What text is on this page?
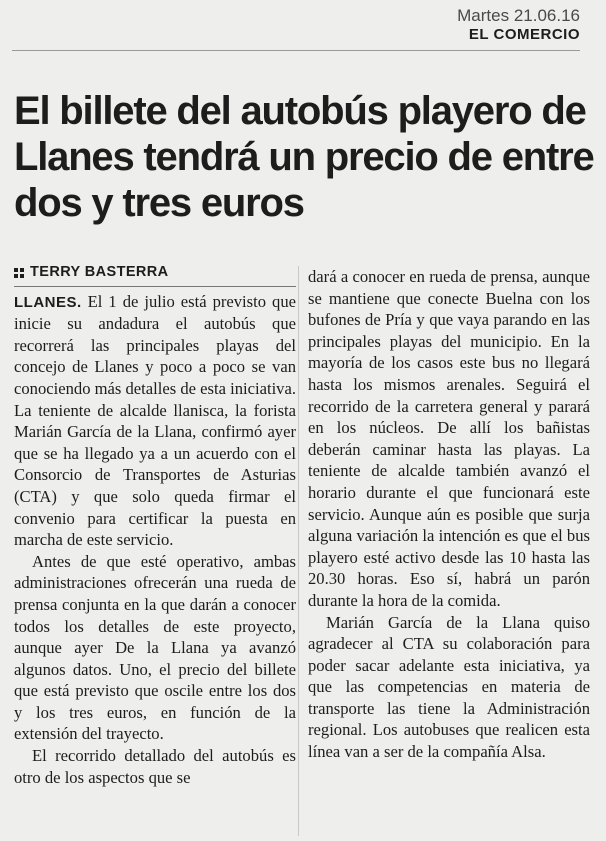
Martes 21.06.16
EL COMERCIO
El billete del autobús playero de Llanes tendrá un precio de entre dos y tres euros
TERRY BASTERRA

LLANES. El 1 de julio está previsto que inicie su andadura el autobús que recorrerá las principales playas del concejo de Llanes y poco a poco se van conociendo más detalles de esta iniciativa. La teniente de alcalde llanisca, la forista Marián García de la Llana, confirmó ayer que se ha llegado ya a un acuerdo con el Consorcio de Transportes de Asturias (CTA) y que solo queda firmar el convenio para certificar la puesta en marcha de este servicio.

Antes de que esté operativo, ambas administraciones ofrecerán una rueda de prensa conjunta en la que darán a conocer todos los detalles de este proyecto, aunque ayer De la Llana ya avanzó algunos datos. Uno, el precio del billete que está previsto que oscile entre los dos y los tres euros, en función de la extensión del trayecto.

El recorrido detallado del autobús es otro de los aspectos que se

dará a conocer en rueda de prensa, aunque se mantiene que conecte Buelna con los bufones de Pría y que vaya parando en las principales playas del municipio. En la mayoría de los casos este bus no llegará hasta los mismos arenales. Seguirá el recorrido de la carretera general y parará en los núcleos. De allí los bañistas deberán caminar hasta las playas. La teniente de alcalde también avanzó el horario durante el que funcionará este servicio. Aunque aún es posible que surja alguna variación la intención es que el bus playero esté activo desde las 10 hasta las 20.30 horas. Eso sí, habrá un parón durante la hora de la comida.

Marián García de la Llana quiso agradecer al CTA su colaboración para poder sacar adelante esta iniciativa, ya que las competencias en materia de transporte las tiene la Administración regional. Los autobuses que realicen esta línea van a ser de la compañía Alsa.
